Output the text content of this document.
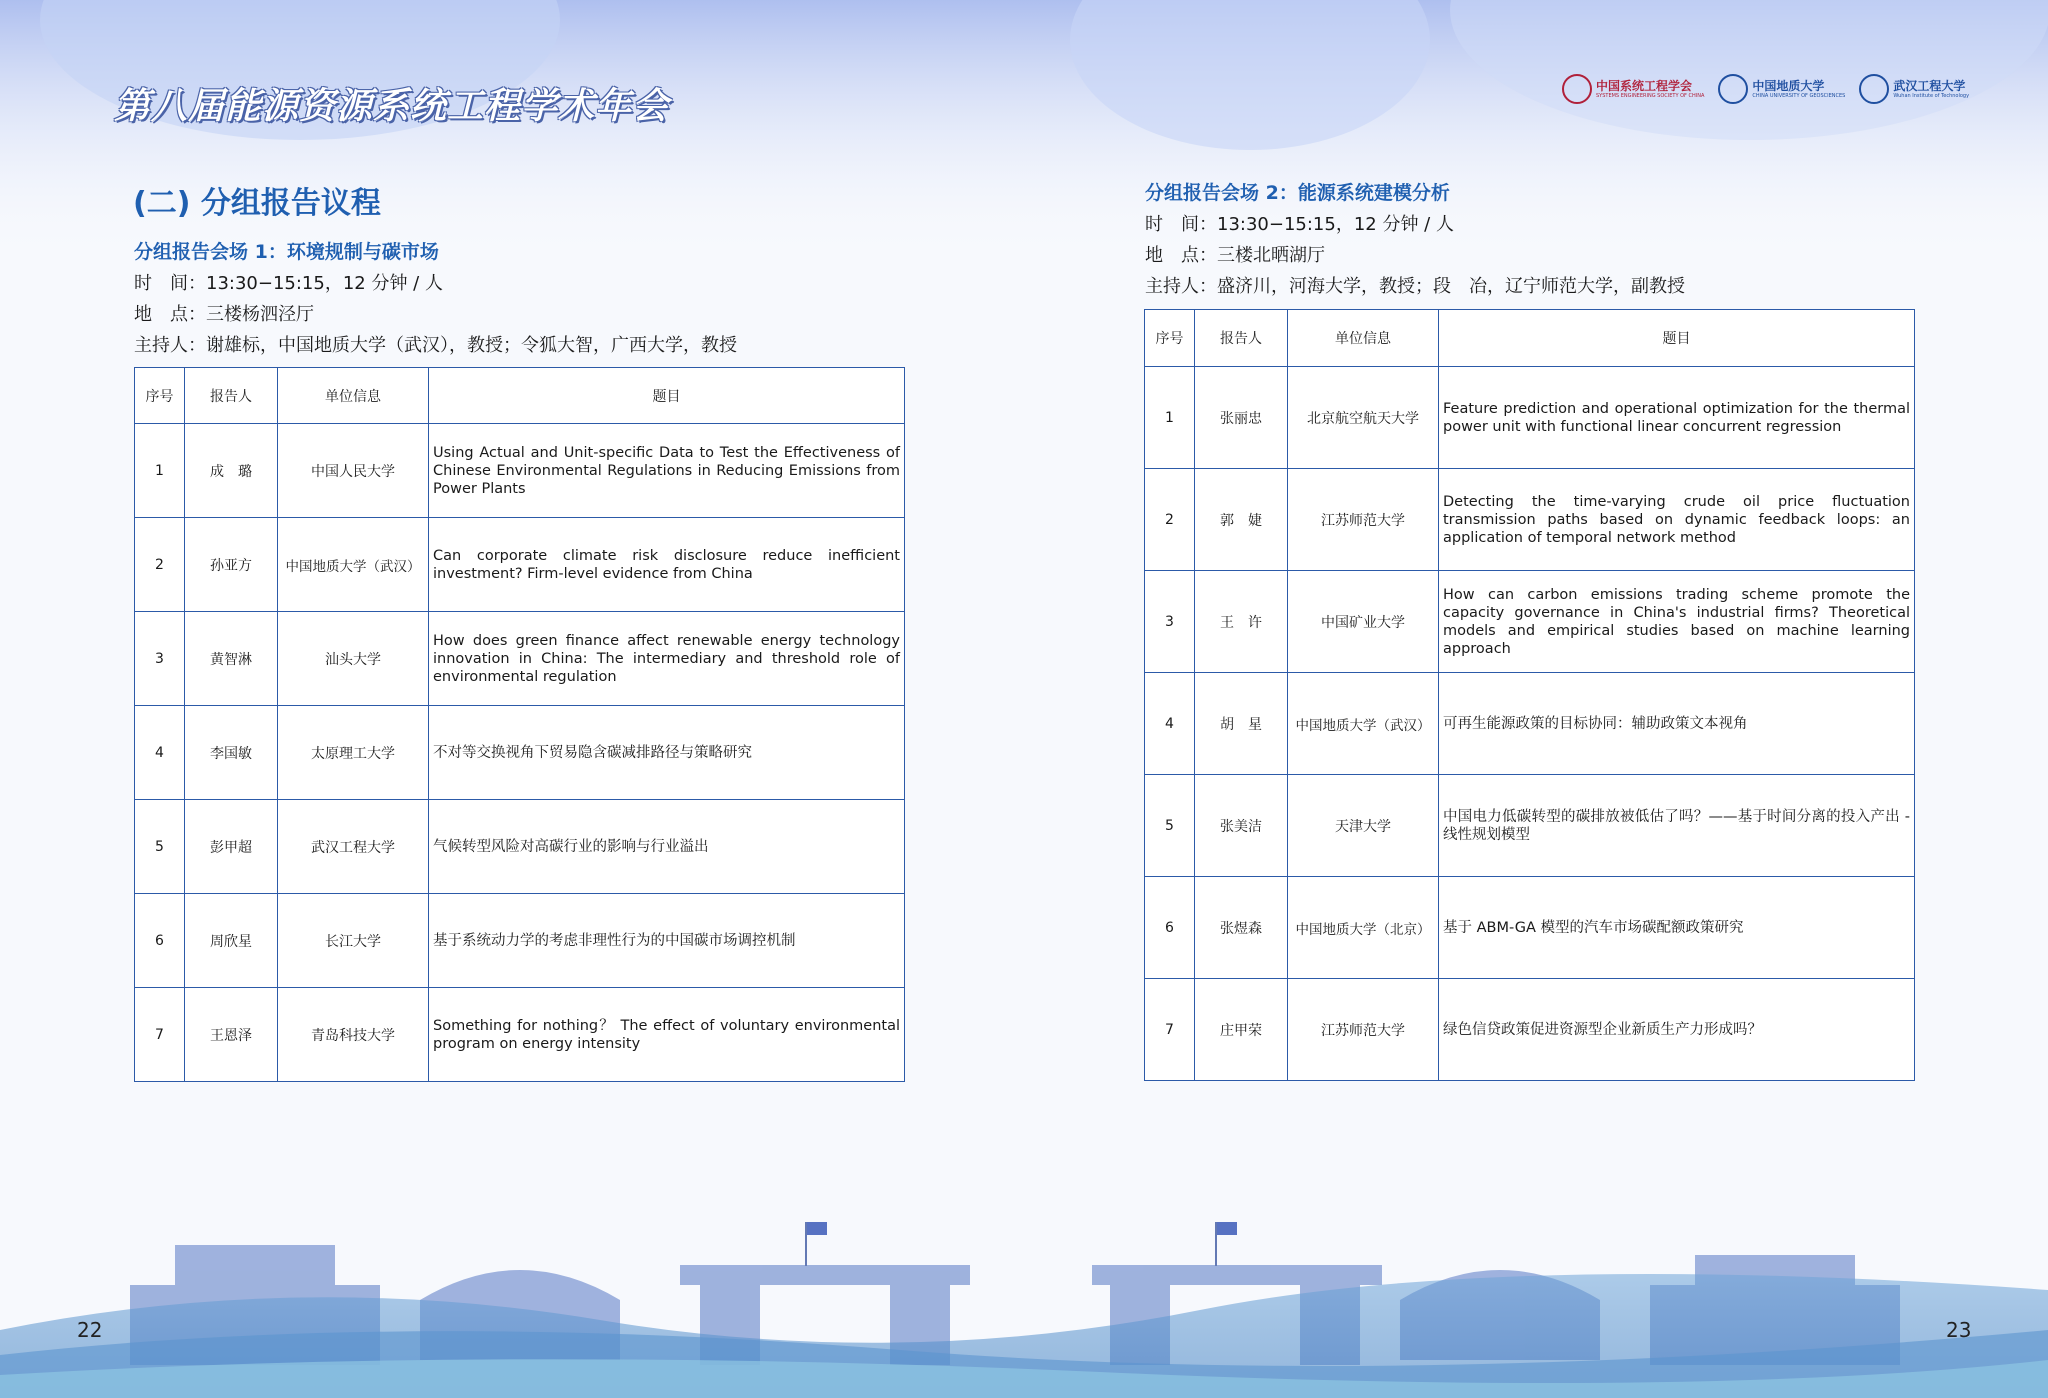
第八届能源资源系统工程学术年会
中国系统工程学会
SYSTEMS ENGINEERING SOCIETY OF CHINA
中国地质大学
CHINA UNIVERSITY OF GEOSCIENCES
武汉工程大学
Wuhan Institute of Technology
(二) 分组报告议程
分组报告会场 1：环境规制与碳市场
时　间：13:30−15:15，12 分钟 / 人
地　点：三楼杨泗泾厅
主持人：谢雄标，中国地质大学（武汉），教授；令狐大智，广西大学，教授
序号	报告人	单位信息	题目
1	成　璐	中国人民大学	Using Actual and Unit-specific Data to Test the Effectiveness of Chinese Environmental Regulations in Reducing Emissions from Power Plants
2	孙亚方	中国地质大学（武汉）	Can corporate climate risk disclosure reduce inefficient investment? Firm-level evidence from China
3	黄智淋	汕头大学	How does green finance affect renewable energy technology innovation in China: The intermediary and threshold role of environmental regulation
4	李国敏	太原理工大学	不对等交换视角下贸易隐含碳减排路径与策略研究
5	彭甲超	武汉工程大学	气候转型风险对高碳行业的影响与行业溢出
6	周欣星	长江大学	基于系统动力学的考虑非理性行为的中国碳市场调控机制
7	王恩泽	青岛科技大学	Something for nothing？ The effect of voluntary environmental program on energy intensity
分组报告会场 2：能源系统建模分析
时　间：13:30−15:15，12 分钟 / 人
地　点：三楼北晒湖厅
主持人：盛济川，河海大学，教授；段　冶，辽宁师范大学，副教授
序号	报告人	单位信息	题目
1	张丽忠	北京航空航天大学	Feature prediction and operational optimization for the thermal power unit with functional linear concurrent regression
2	郭　婕	江苏师范大学	Detecting the time-varying crude oil price fluctuation transmission paths based on dynamic feedback loops: an application of temporal network method
3	王　许	中国矿业大学	How can carbon emissions trading scheme promote the capacity governance in China's industrial firms? Theoretical models and empirical studies based on machine learning approach
4	胡　星	中国地质大学（武汉）	可再生能源政策的目标协同：辅助政策文本视角
5	张美洁	天津大学	中国电力低碳转型的碳排放被低估了吗？——基于时间分离的投入产出 - 线性规划模型
6	张煜森	中国地质大学（北京）	基于 ABM-GA 模型的汽车市场碳配额政策研究
7	庄甲荣	江苏师范大学	绿色信贷政策促进资源型企业新质生产力形成吗？
22	23
